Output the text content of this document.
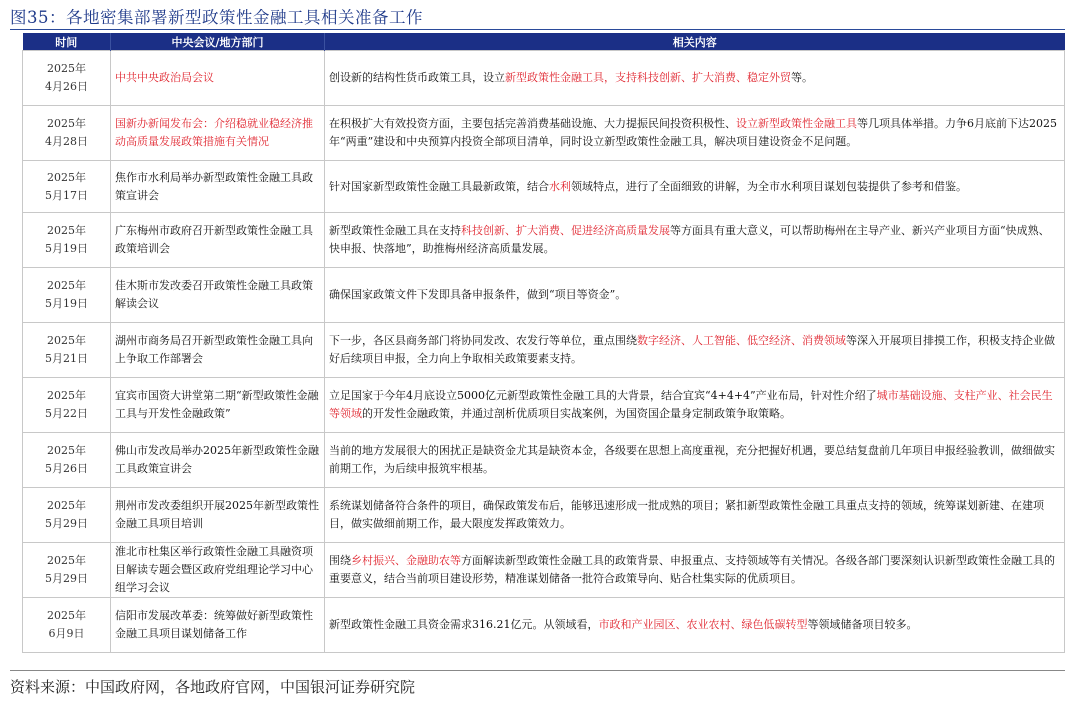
图35：各地密集部署新型政策性金融工具相关准备工作
时间	中央会议/地方部门	相关内容

2025年
4月26日	中共中央政治局会议	创设新的结构性货币政策工具，设立新型政策性金融工具，支持科技创新、扩大消费、稳定外贸等。

2025年
4月28日	国新办新闻发布会：介绍稳就业稳经济推动高质量发展政策措施有关情况	在积极扩大有效投资方面，主要包括完善消费基础设施、大力提振民间投资积极性、设立新型政策性金融工具等几项具体举措。力争6月底前下达2025年“两重”建设和中央预算内投资全部项目清单，同时设立新型政策性金融工具，解决项目建设资金不足问题。

2025年
5月17日	焦作市水利局举办新型政策性金融工具政策宣讲会	针对国家新型政策性金融工具最新政策，结合水利领域特点，进行了全面细致的讲解，为全市水利项目谋划包装提供了参考和借鉴。

2025年
5月19日	广东梅州市政府召开新型政策性金融工具政策培训会	新型政策性金融工具在支持科技创新、扩大消费、促进经济高质量发展等方面具有重大意义，可以帮助梅州在主导产业、新兴产业项目方面“快成熟、快申报、快落地”，助推梅州经济高质量发展。

2025年
5月19日	佳木斯市发改委召开政策性金融工具政策解读会议	确保国家政策文件下发即具备申报条件，做到“项目等资金”。

2025年
5月21日	湖州市商务局召开新型政策性金融工具向上争取工作部署会	下一步，各区县商务部门将协同发改、农发行等单位，重点围绕数字经济、人工智能、低空经济、消费领域等深入开展项目排摸工作，积极支持企业做好后续项目申报，全力向上争取相关政策要素支持。

2025年
5月22日	宜宾市国资大讲堂第二期“新型政策性金融工具与开发性金融政策”	立足国家于今年4月底设立5000亿元新型政策性金融工具的大背景，结合宜宾“4+4+4”产业布局，针对性介绍了城市基础设施、支柱产业、社会民生等领域的开发性金融政策，并通过剖析优质项目实战案例，为国资国企量身定制政策争取策略。

2025年
5月26日	佛山市发改局举办2025年新型政策性金融工具政策宣讲会	当前的地方发展很大的困扰正是缺资金尤其是缺资本金，各级要在思想上高度重视，充分把握好机遇，要总结复盘前几年项目申报经验教训，做细做实前期工作，为后续申报筑牢根基。

2025年
5月29日	荆州市发改委组织开展2025年新型政策性金融工具项目培训	系统谋划储备符合条件的项目，确保政策发布后，能够迅速形成一批成熟的项目；紧扣新型政策性金融工具重点支持的领域，统筹谋划新建、在建项目，做实做细前期工作，最大限度发挥政策效力。

2025年
5月29日	淮北市杜集区举行政策性金融工具融资项目解读专题会暨区政府党组理论学习中心组学习会议	围绕乡村振兴、金融助农等方面解读新型政策性金融工具的政策背景、申报重点、支持领域等有关情况。各级各部门要深刻认识新型政策性金融工具的重要意义，结合当前项目建设形势，精准谋划储备一批符合政策导向、贴合杜集实际的优质项目。

2025年
6月9日	信阳市发展改革委：统筹做好新型政策性金融工具项目谋划储备工作	新型政策性金融工具资金需求316.21亿元。从领域看，市政和产业园区、农业农村、绿色低碳转型等领域储备项目较多。
资料来源：中国政府网，各地政府官网，中国银河证券研究院
